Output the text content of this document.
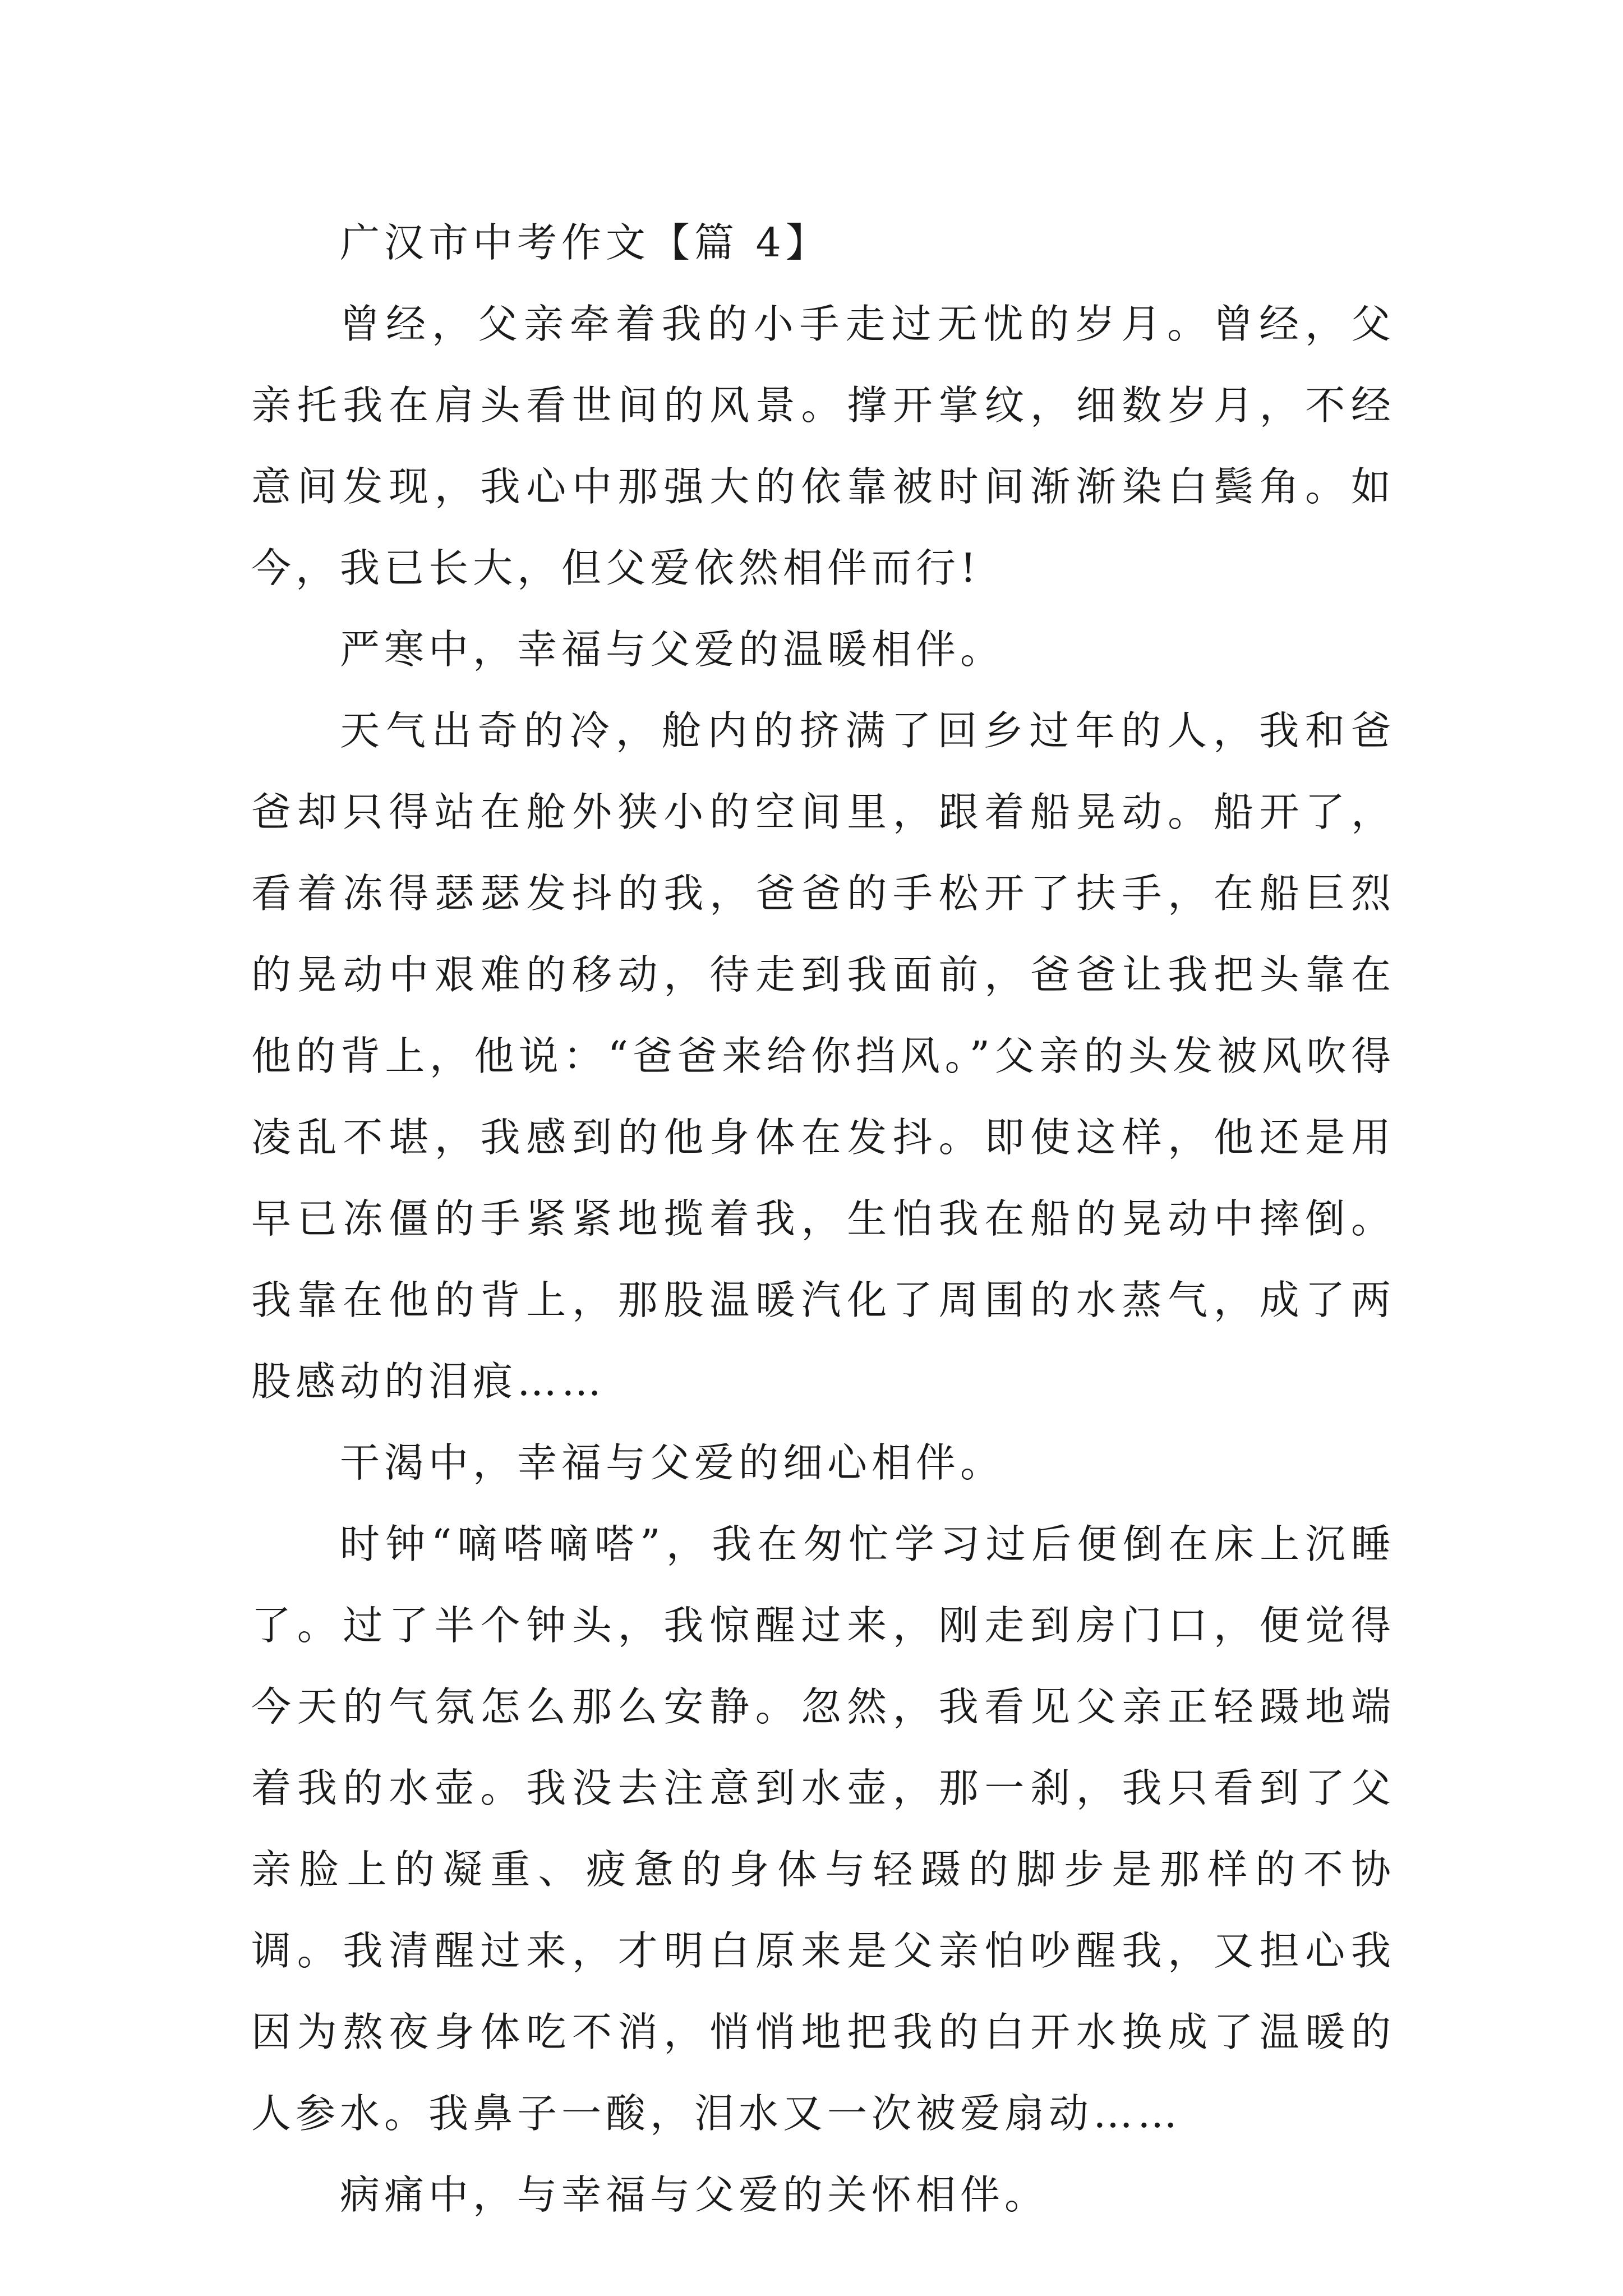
广汉市中考作文【篇 4】

曾经，父亲牵着我的小手走过无忧的岁月。曾经，父亲托我在肩头看世间的风景。撑开掌纹，细数岁月，不经意间发现，我心中那强大的依靠被时间渐渐染白鬓角。如今，我已长大，但父爱依然相伴而行!

严寒中，幸福与父爱的温暖相伴。

天气出奇的冷，舱内的挤满了回乡过年的人，我和爸爸却只得站在舱外狭小的空间里，跟着船晃动。船开了，看着冻得瑟瑟发抖的我，爸爸的手松开了扶手，在船巨烈的晃动中艰难的移动，待走到我面前，爸爸让我把头靠在他的背上，他说：“爸爸来给你挡风。”父亲的头发被风吹得凌乱不堪，我感到的他身体在发抖。即使这样，他还是用早已冻僵的手紧紧地揽着我，生怕我在船的晃动中摔倒。我靠在他的背上，那股温暖汽化了周围的水蒸气，成了两股感动的泪痕……

干渴中，幸福与父爱的细心相伴。

时钟“嘀嗒嘀嗒”，我在匆忙学习过后便倒在床上沉睡了。过了半个钟头，我惊醒过来，刚走到房门口，便觉得今天的气氛怎么那么安静。忽然，我看见父亲正轻蹑地端着我的水壶。我没去注意到水壶，那一刹，我只看到了父亲脸上的凝重、疲惫的身体与轻蹑的脚步是那样的不协调。我清醒过来，才明白原来是父亲怕吵醒我，又担心我因为熬夜身体吃不消，悄悄地把我的白开水换成了温暖的人参水。我鼻子一酸，泪水又一次被爱扇动……

病痛中，与幸福与父爱的关怀相伴。
